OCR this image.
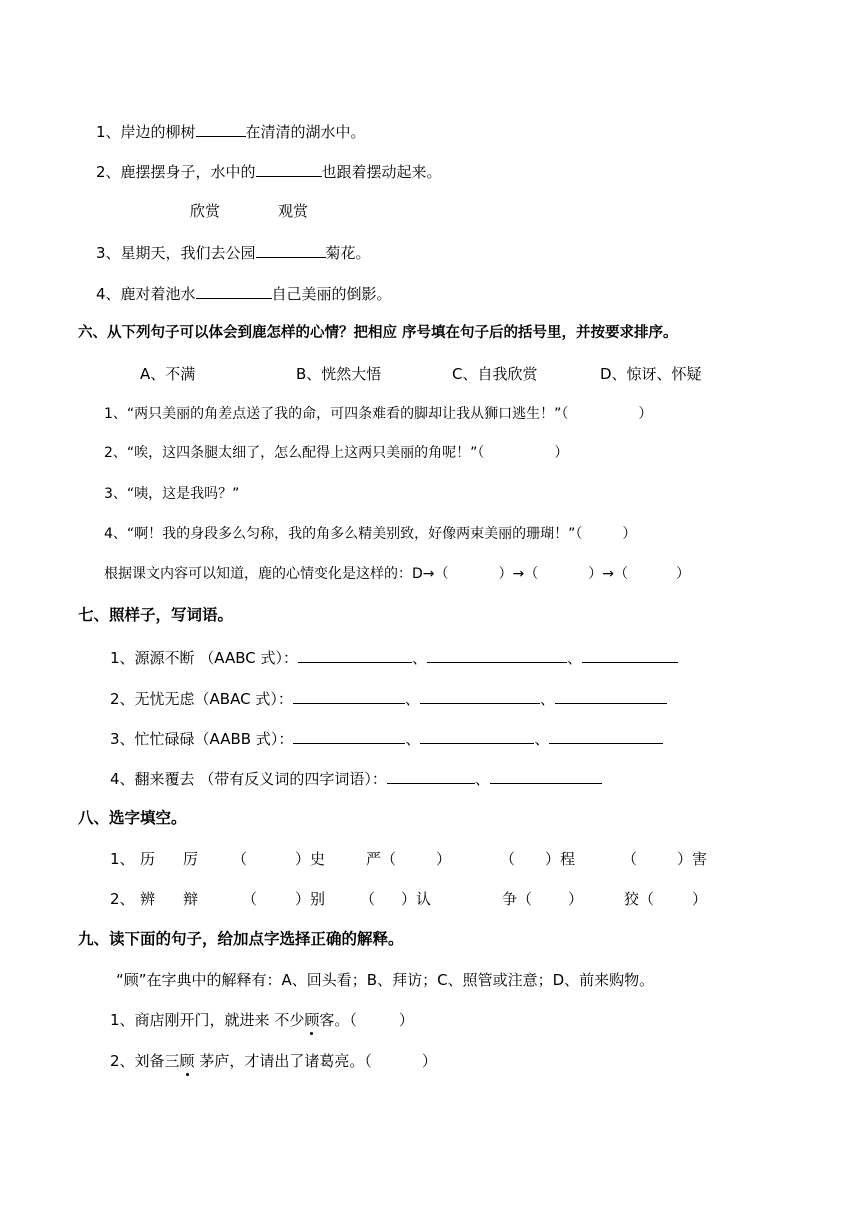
1、岸边的柳树	在清清的湖水中。
2、鹿摆摆身子，水中的	也跟着摆动起来。
欣赏	观赏
3、星期天，我们去公园	菊花。
4、鹿对着池水	自己美丽的倒影。
六、从下列句子可以体会到鹿怎样的心情？把相应 序号填在句子后的括号里，并按要求排序。
A、不满	B、恍然大悟	C、自我欣赏	D、惊讶、怀疑
1、“两只美丽的角差点送了我的命，可四条难看的脚却让我从狮口逃生！”（	）
2、“唉，这四条腿太细了，怎么配得上这两只美丽的角呢！”（	）
3、“咦，这是我吗？”
4、“啊！我的身段多么匀称，我的角多么精美别致，好像两束美丽的珊瑚！”（	）
根据课文内容可以知道，鹿的心情变化是这样的：D→（	）→（	）→（	）
七、照样子，写词语。
1、源源不断 （AABC 式）：	、	、
2、无忧无虑（ABAC 式）：	、	、
3、忙忙碌碌（AABB 式）：	、	、
4、翻来覆去 （带有反义词的四字词语）：	、
八、选字填空。
1、 历 厉 （	）史	严（	）	（ ）程	（	）害
2、 辨 辩	（	）别 （ ）认	争（ ）	狡（	）
九、读下面的句子，给加点字选择正确的解释。
“顾”在字典中的解释有：A、回头看；B、拜访；C、照管或注意；D、前来购物。
1、商店刚开门，就进来 不少顾客。（	）
2、刘备三顾 茅庐，才请出了诸葛亮。（	）
